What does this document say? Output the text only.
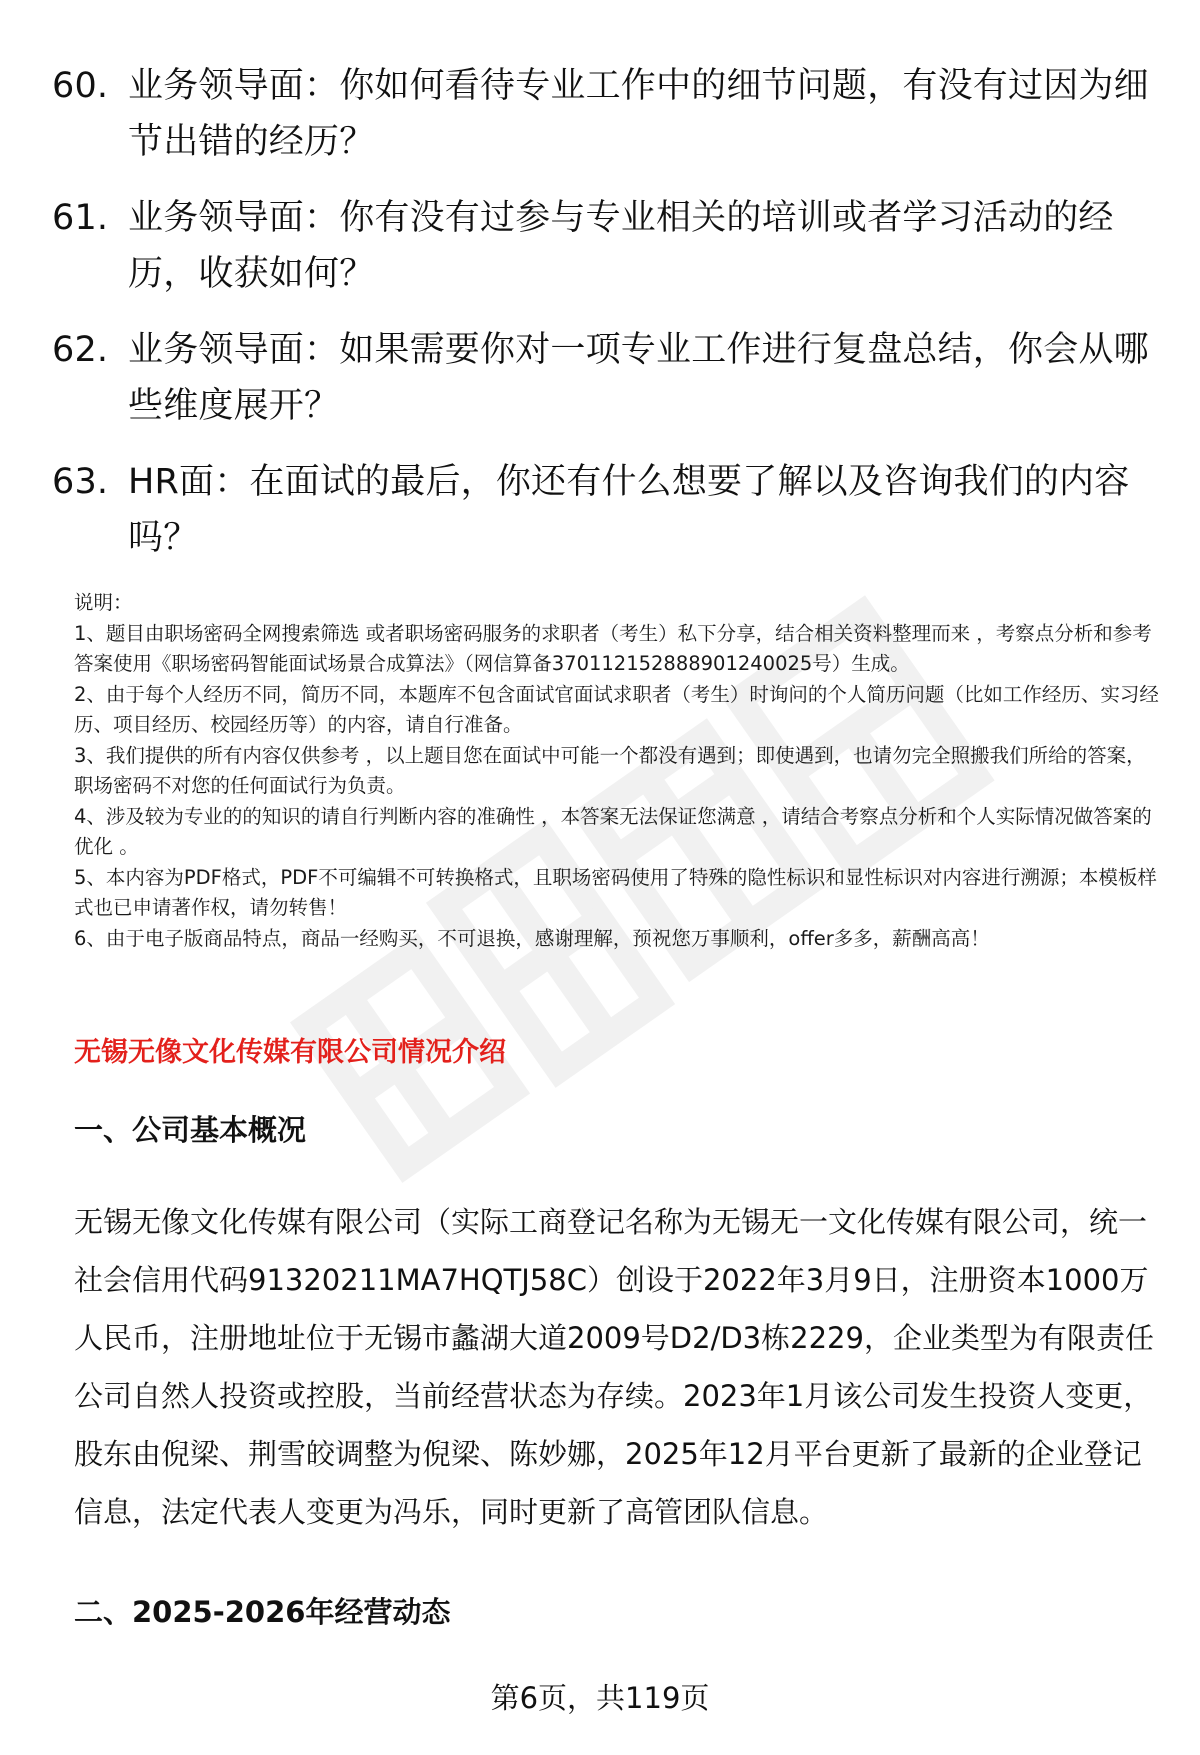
60. 业务领导面：你如何看待专业工作中的细节问题，有没有过因为细节出错的经历？
61. 业务领导面：你有没有过参与专业相关的培训或者学习活动的经历，收获如何？
62. 业务领导面：如果需要你对一项专业工作进行复盘总结，你会从哪些维度展开？
63. HR面：在面试的最后，你还有什么想要了解以及咨询我们的内容吗？

说明：

1、题目由职场密码全网搜索筛选 或者职场密码服务的求职者（考生）私下分享，结合相关资料整理而来 ，考察点分析和参考答案使用《职场密码智能面试场景合成算法》（网信算备370112152888901240025号）生成。

2、由于每个人经历不同，简历不同，本题库不包含面试官面试求职者（考生）时询问的个人简历问题（比如工作经历、实习经历、项目经历、校园经历等）的内容，请自行准备。

3、我们提供的所有内容仅供参考 ，以上题目您在面试中可能一个都没有遇到；即使遇到，也请勿完全照搬我们所给的答案，职场密码不对您的任何面试行为负责。

4、涉及较为专业的的知识的请自行判断内容的准确性 ，本答案无法保证您满意 ，请结合考察点分析和个人实际情况做答案的优化 。

5、本内容为PDF格式，PDF不可编辑不可转换格式，且职场密码使用了特殊的隐性标识和显性标识对内容进行溯源；本模板样式也已申请著作权，请勿转售！

6、由于电子版商品特点，商品一经购买，不可退换，感谢理解，预祝您万事顺利，offer多多，薪酬高高！

无锡无像文化传媒有限公司情况介绍
一、公司基本概况

无锡无像文化传媒有限公司（实际工商登记名称为无锡无一文化传媒有限公司，统一社会信用代码91320211MA7HQTJ58C）创设于2022年3月9日，注册资本1000万人民币，注册地址位于无锡市蠡湖大道2009号D2/D3栋2229，企业类型为有限责任公司自然人投资或控股，当前经营状态为存续。2023年1月该公司发生投资人变更，股东由倪梁、荆雪皎调整为倪梁、陈妙娜，2025年12月平台更新了最新的企业登记信息，法定代表人变更为冯乐，同时更新了高管团队信息。

二、2025-2026年经营动态

第6页，共119页
